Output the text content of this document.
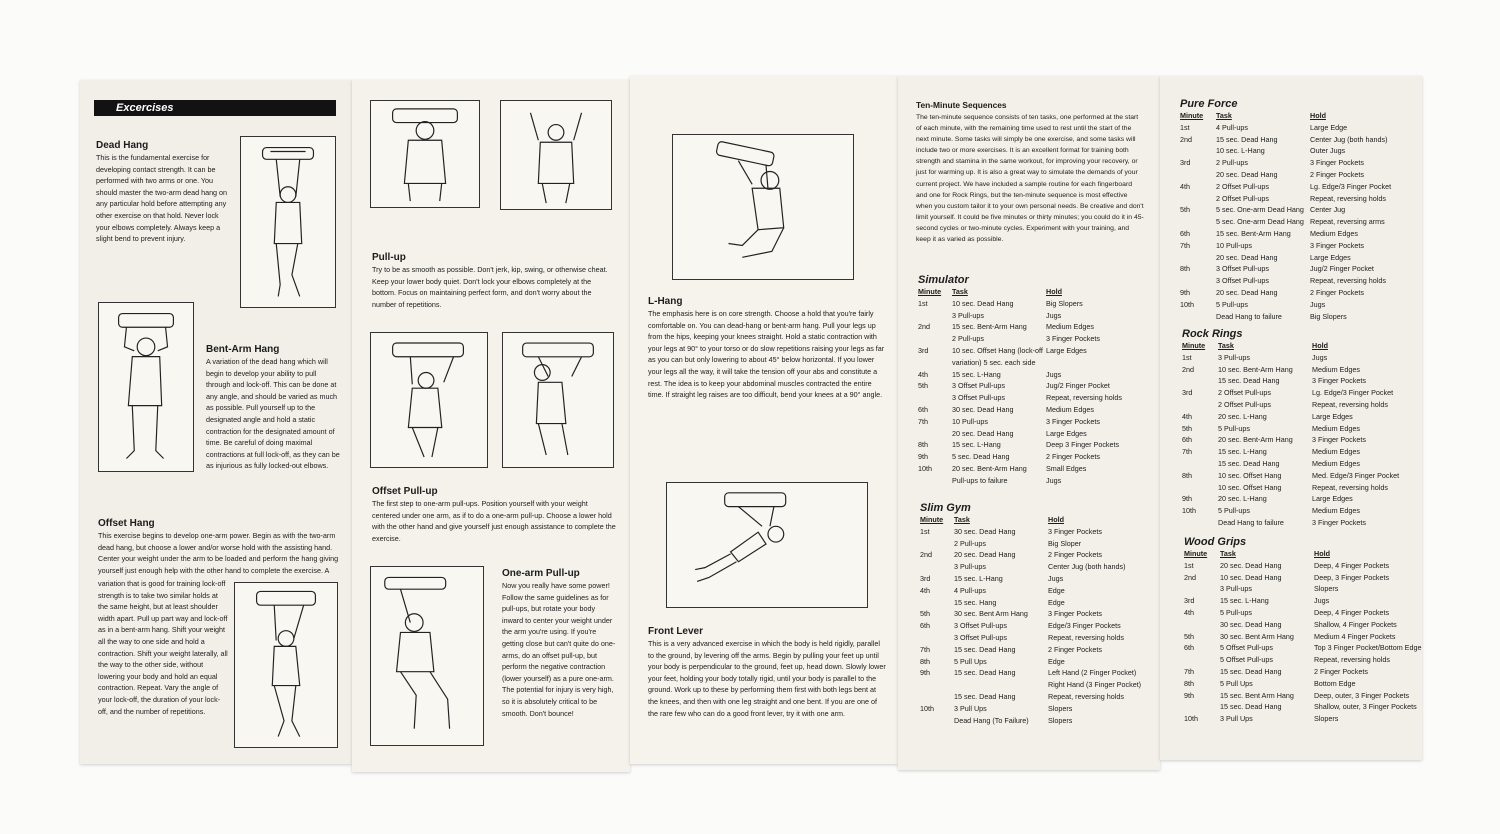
Excercises
Dead Hang
This is the fundamental exercise for developing contact strength. It can be performed with two arms or one. You should master the two-arm dead hang on any particular hold before attempting any other exercise on that hold. Never lock your elbows completely. Always keep a slight bend to prevent injury.
Bent-Arm Hang
A variation of the dead hang which will begin to develop your ability to pull through and lock-off. This can be done at any angle, and should be varied as much as possible. Pull yourself up to the designated angle and hold a static contraction for the designated amount of time. Be careful of doing maximal contractions at full lock-off, as they can be as injurious as fully locked-out elbows.
Offset Hang
This exercise begins to develop one-arm power. Begin as with the two-arm dead hang, but choose a lower and/or worse hold with the assisting hand. Center your weight under the arm to be loaded and perform the hang giving yourself just enough help with the other hand to complete the exercise. A
variation that is good for training lock-off strength is to take two similar holds at the same height, but at least shoulder width apart. Pull up part way and lock-off as in a bent-arm hang. Shift your weight all the way to one side and hold a contraction. Shift your weight laterally, all the way to the other side, without lowering your body and hold an equal contraction. Repeat. Vary the angle of your lock-off, the duration of your lock-off, and the number of repetitions.
Pull-up
Try to be as smooth as possible. Don't jerk, kip, swing, or otherwise cheat. Keep your lower body quiet. Don't lock your elbows completely at the bottom. Focus on maintaining perfect form, and don't worry about the number of repetitions.
Offset Pull-up
The first step to one-arm pull-ups. Position yourself with your weight centered under one arm, as if to do a one-arm pull-up. Choose a lower hold with the other hand and give yourself just enough assistance to complete the exercise.
One-arm Pull-up
Now you really have some power! Follow the same guidelines as for pull-ups, but rotate your body inward to center your weight under the arm you're using. If you're getting close but can't quite do one-arms, do an offset pull-up, but perform the negative contraction (lower yourself) as a pure one-arm. The potential for injury is very high, so it is absolutely critical to be smooth. Don't bounce!
L-Hang
The emphasis here is on core strength. Choose a hold that you're fairly comfortable on. You can dead-hang or bent-arm hang. Pull your legs up from the hips, keeping your knees straight. Hold a static contraction with your legs at 90° to your torso or do slow repetitions raising your legs as far as you can but only lowering to about 45° below horizontal. If you lower your legs all the way, it will take the tension off your abs and constitute a rest. The idea is to keep your abdominal muscles contracted the entire time. If straight leg raises are too difficult, bend your knees at a 90° angle.
Front Lever
This is a very advanced exercise in which the body is held rigidly, parallel to the ground, by levering off the arms. Begin by pulling your feet up until your body is perpendicular to the ground, feet up, head down. Slowly lower your feet, holding your body totally rigid, until your body is parallel to the ground. Work up to these by performing them first with both legs bent at the knees, and then with one leg straight and one bent. If you are one of the rare few who can do a good front lever, try it with one arm.
Ten-Minute Sequences
The ten-minute sequence consists of ten tasks, one performed at the start of each minute, with the remaining time used to rest until the start of the next minute. Some tasks will simply be one exercise, and some tasks will include two or more exercises. It is an excellent format for training both strength and stamina in the same workout, for improving your recovery, or just for warming up. It is also a great way to simulate the demands of your current project. We have included a sample routine for each fingerboard and one for Rock Rings, but the ten-minute sequence is most effective when you custom tailor it to your own personal needs. Be creative and don't limit yourself. It could be five minutes or thirty minutes; you could do it in 45-second cycles or two-minute cycles. Experiment with your training, and keep it as varied as possible.
Simulator
Minute	Task	Hold
1st	10 sec. Dead Hang	Big Slopers
	3 Pull-ups	Jugs
2nd	15 sec. Bent-Arm Hang	Medium Edges
	2 Pull-ups	3 Finger Pockets
3rd	10 sec. Offset Hang (lock-off	Large Edges
	variation) 5 sec. each side	
4th	15 sec. L-Hang	Jugs
5th	3 Offset Pull-ups	Jug/2 Finger Pocket
	3 Offset Pull-ups	Repeat, reversing holds
6th	30 sec. Dead Hang	Medium Edges
7th	10 Pull-ups	3 Finger Pockets
	20 sec. Dead Hang	Large Edges
8th	15 sec. L-Hang	Deep 3 Finger Pockets
9th	5 sec. Dead Hang	2 Finger Pockets
10th	20 sec. Bent-Arm Hang	Small Edges
	Pull-ups to failure	Jugs
Slim Gym
Minute	Task	Hold
1st	30 sec. Dead Hang	3 Finger Pockets
	2 Pull-ups	Big Sloper
2nd	20 sec. Dead Hang	2 Finger Pockets
	3 Pull-ups	Center Jug (both hands)
3rd	15 sec. L-Hang	Jugs
4th	4 Pull-ups	Edge
	15 sec. Hang	Edge
5th	30 sec. Bent Arm Hang	3 Finger Pockets
6th	3 Offset Pull-ups	Edge/3 Finger Pockets
	3 Offset Pull-ups	Repeat, reversing holds
7th	15 sec. Dead Hang	2 Finger Pockets
8th	5 Pull Ups	Edge
9th	15 sec. Dead Hang	Left Hand (2 Finger Pocket)
		Right Hand (3 Finger Pocket)
	15 sec. Dead Hang	Repeat, reversing holds
10th	3 Pull Ups	Slopers
	Dead Hang (To Failure)	Slopers
Pure Force
Minute	Task	Hold
1st	4 Pull-ups	Large Edge
2nd	15 sec. Dead Hang	Center Jug (both hands)
	10 sec. L-Hang	Outer Jugs
3rd	2 Pull-ups	3 Finger Pockets
	20 sec. Dead Hang	2 Finger Pockets
4th	2 Offset Pull-ups	Lg. Edge/3 Finger Pocket
	2 Offset Pull-ups	Repeat, reversing holds
5th	5 sec. One-arm Dead Hang	Center Jug
	5 sec. One-arm Dead Hang	Repeat, reversing arms
6th	15 sec. Bent-Arm Hang	Medium Edges
7th	10 Pull-ups	3 Finger Pockets
	20 sec. Dead Hang	Large Edges
8th	3 Offset Pull-ups	Jug/2 Finger Pocket
	3 Offset Pull-ups	Repeat, reversing holds
9th	20 sec. Dead Hang	2 Finger Pockets
10th	5 Pull-ups	Jugs
	Dead Hang to failure	Big Slopers
Rock Rings
Minute	Task	Hold
1st	3 Pull-ups	Jugs
2nd	10 sec. Bent-Arm Hang	Medium Edges
	15 sec. Dead Hang	3 Finger Pockets
3rd	2 Offset Pull-ups	Lg. Edge/3 Finger Pocket
	2 Offset Pull-ups	Repeat, reversing holds
4th	20 sec. L-Hang	Large Edges
5th	5 Pull-ups	Medium Edges
6th	20 sec. Bent-Arm Hang	3 Finger Pockets
7th	15 sec. L-Hang	Medium Edges
	15 sec. Dead Hang	Medium Edges
8th	10 sec. Offset Hang	Med. Edge/3 Finger Pocket
	10 sec. Offset Hang	Repeat, reversing holds
9th	20 sec. L-Hang	Large Edges
10th	5 Pull-ups	Medium Edges
	Dead Hang to failure	3 Finger Pockets
Wood Grips
Minute	Task	Hold
1st	20 sec. Dead Hang	Deep, 4 Finger Pockets
2nd	10 sec. Dead Hang	Deep, 3 Finger Pockets
	3 Pull-ups	Slopers
3rd	15 sec. L-Hang	Jugs
4th	5 Pull-ups	Deep, 4 Finger Pockets
	30 sec. Dead Hang	Shallow, 4 Finger Pockets
5th	30 sec. Bent Arm Hang	Medium 4 Finger Pockets
6th	5 Offset Pull-ups	Top 3 Finger Pocket/Bottom Edge
	5 Offset Pull-ups	Repeat, reversing holds
7th	15 sec. Dead Hang	2 Finger Pockets
8th	5 Pull Ups	Bottom Edge
9th	15 sec. Bent Arm Hang	Deep, outer, 3 Finger Pockets
	15 sec. Dead Hang	Shallow, outer, 3 Finger Pockets
10th	3 Pull Ups	Slopers
